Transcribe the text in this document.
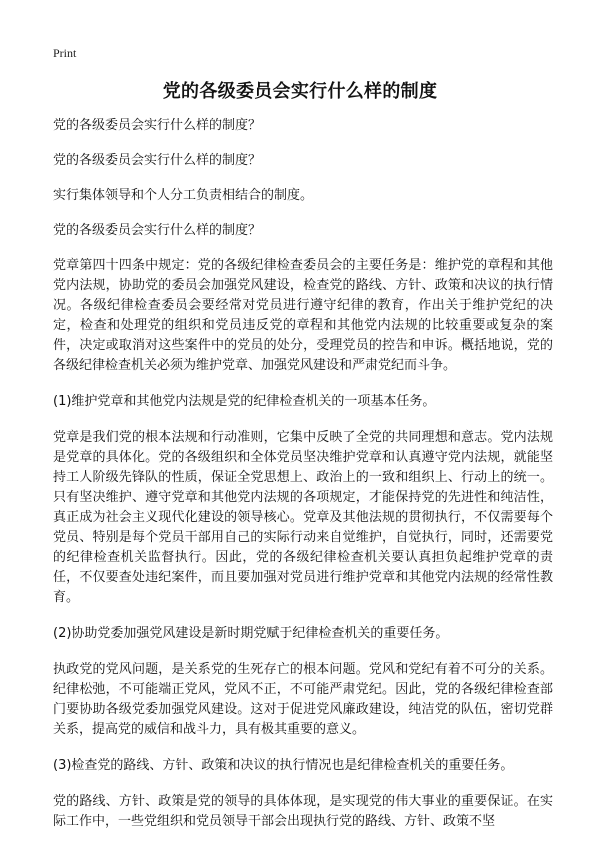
Print
党的各级委员会实行什么样的制度

党的各级委员会实行什么样的制度？

党的各级委员会实行什么样的制度？

实行集体领导和个人分工负责相结合的制度。

党的各级委员会实行什么样的制度？

党章第四十四条中规定：党的各级纪律检查委员会的主要任务是：维护党的章程和其他党内法规，协助党的委员会加强党风建设，检查党的路线、方针、政策和决议的执行情况。各级纪律检查委员会要经常对党员进行遵守纪律的教育，作出关于维护党纪的决定，检查和处理党的组织和党员违反党的章程和其他党内法规的比较重要或复杂的案件，决定或取消对这些案件中的党员的处分，受理党员的控告和申诉。概括地说，党的各级纪律检查机关必须为维护党章、加强党风建设和严肃党纪而斗争。

(1)维护党章和其他党内法规是党的纪律检查机关的一项基本任务。

党章是我们党的根本法规和行动准则，它集中反映了全党的共同理想和意志。党内法规是党章的具体化。党的各级组织和全体党员坚决维护党章和认真遵守党内法规，就能坚持工人阶级先锋队的性质，保证全党思想上、政治上的一致和组织上、行动上的统一。只有坚决维护、遵守党章和其他党内法规的各项规定，才能保持党的先进性和纯洁性，真正成为社会主义现代化建设的领导核心。党章及其他法规的贯彻执行，不仅需要每个党员、特别是每个党员干部用自己的实际行动来自觉维护，自觉执行，同时，还需要党的纪律检查机关监督执行。因此，党的各级纪律检查机关要认真担负起维护党章的责任，不仅要查处违纪案件，而且要加强对党员进行维护党章和其他党内法规的经常性教育。

(2)协助党委加强党风建设是新时期党赋于纪律检查机关的重要任务。

执政党的党风问题，是关系党的生死存亡的根本问题。党风和党纪有着不可分的关系。纪律松弛，不可能端正党风，党风不正，不可能严肃党纪。因此，党的各级纪律检查部门要协助各级党委加强党风建设。这对于促进党风廉政建设，纯洁党的队伍，密切党群关系，提高党的威信和战斗力，具有极其重要的意义。

(3)检查党的路线、方针、政策和决议的执行情况也是纪律检查机关的重要任务。

党的路线、方针、政策是党的领导的具体体现，是实现党的伟大事业的重要保证。在实际工作中，一些党组织和党员领导干部会出现执行党的路线、方针、政策不坚
